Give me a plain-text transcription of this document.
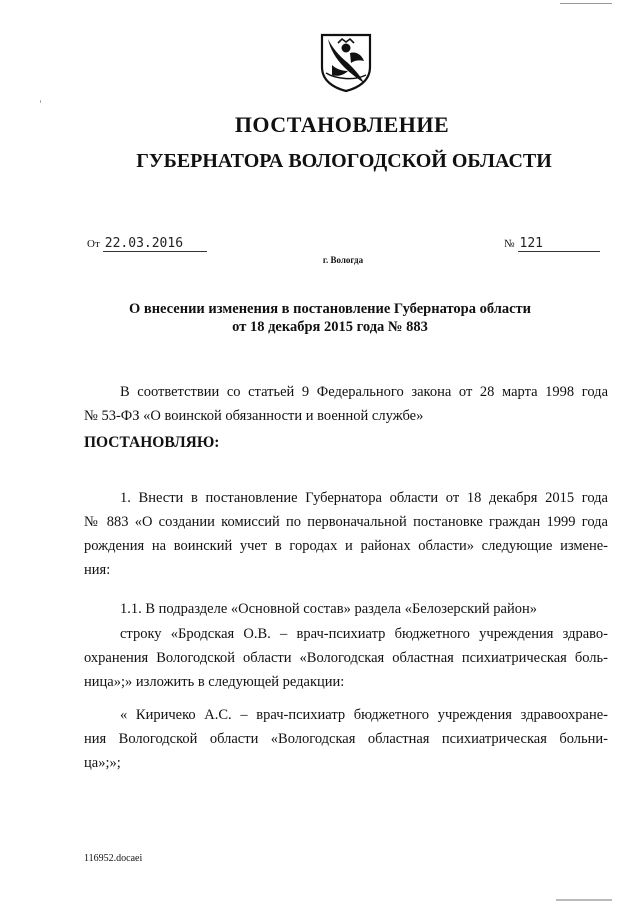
ПОСТАНОВЛЕНИЕ
ГУБЕРНАТОРА ВОЛОГОДСКОЙ ОБЛАСТИ
От 22.03.2016	№ 121
г. Вологда
О внесении изменения в постановление Губернатора области
от 18 декабря 2015 года № 883
В соответствии со статьей 9 Федерального закона от 28 марта 1998 года
№ 53-ФЗ «О воинской обязанности и военной службе»
ПОСТАНОВЛЯЮ:
1. Внести в постановление Губернатора области от 18 декабря 2015 года
№ 883 «О создании комиссий по первоначальной постановке граждан 1999 года
рождения на воинский учет в городах и районах области» следующие измене-
ния:
1.1. В подразделе «Основной состав» раздела «Белозерский район»
строку «Бродская О.В. – врач-психиатр бюджетного учреждения здраво-
охранения Вологодской области «Вологодская областная психиатрическая боль-
ница»;» изложить в следующей редакции:
« Киричеко А.С. – врач-психиатр бюджетного учреждения здравоохране-
ния Вологодской области «Вологодская областная психиатрическая больни-
ца»;»;
116952.docaei
